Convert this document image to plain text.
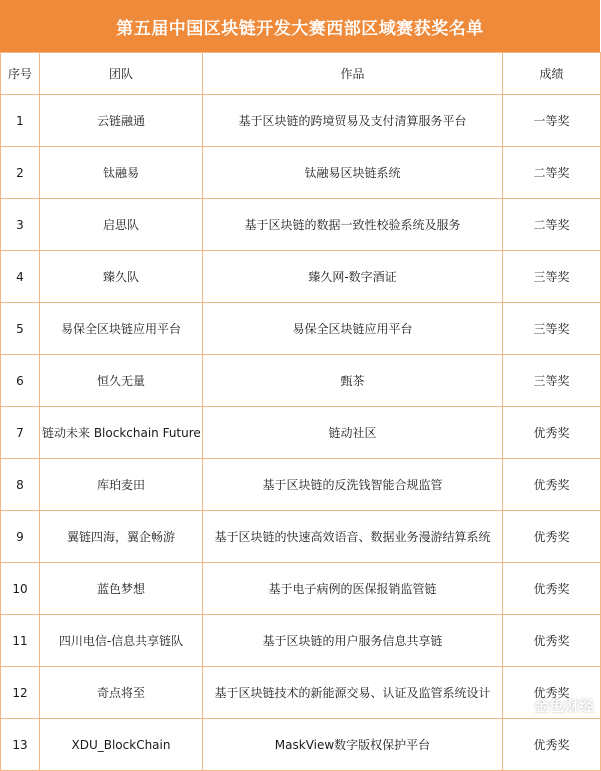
第五届中国区块链开发大赛西部区域赛获奖名单
序号	团队	作品	成绩
1	云链融通	基于区块链的跨境贸易及支付清算服务平台	一等奖
2	钛融易	钛融易区块链系统	二等奖
3	启思队	基于区块链的数据一致性校验系统及服务	二等奖
4	臻久队	臻久网-数字酒证	三等奖
5	易保全区块链应用平台	易保全区块链应用平台	三等奖
6	恒久无量	甄茶	三等奖
7	链动未来 Blockchain Future	链动社区	优秀奖
8	库珀麦田	基于区块链的反洗钱智能合规监管	优秀奖
9	翼链四海，翼企畅游	基于区块链的快速高效语音、数据业务漫游结算系统	优秀奖
10	蓝色梦想	基于电子病例的医保报销监管链	优秀奖
11	四川电信-信息共享链队	基于区块链的用户服务信息共享链	优秀奖
12	奇点将至	基于区块链技术的新能源交易、认证及监管系统设计	优秀奖
13	XDU_BlockChain	MaskView数字版权保护平台	优秀奖
金色财经
